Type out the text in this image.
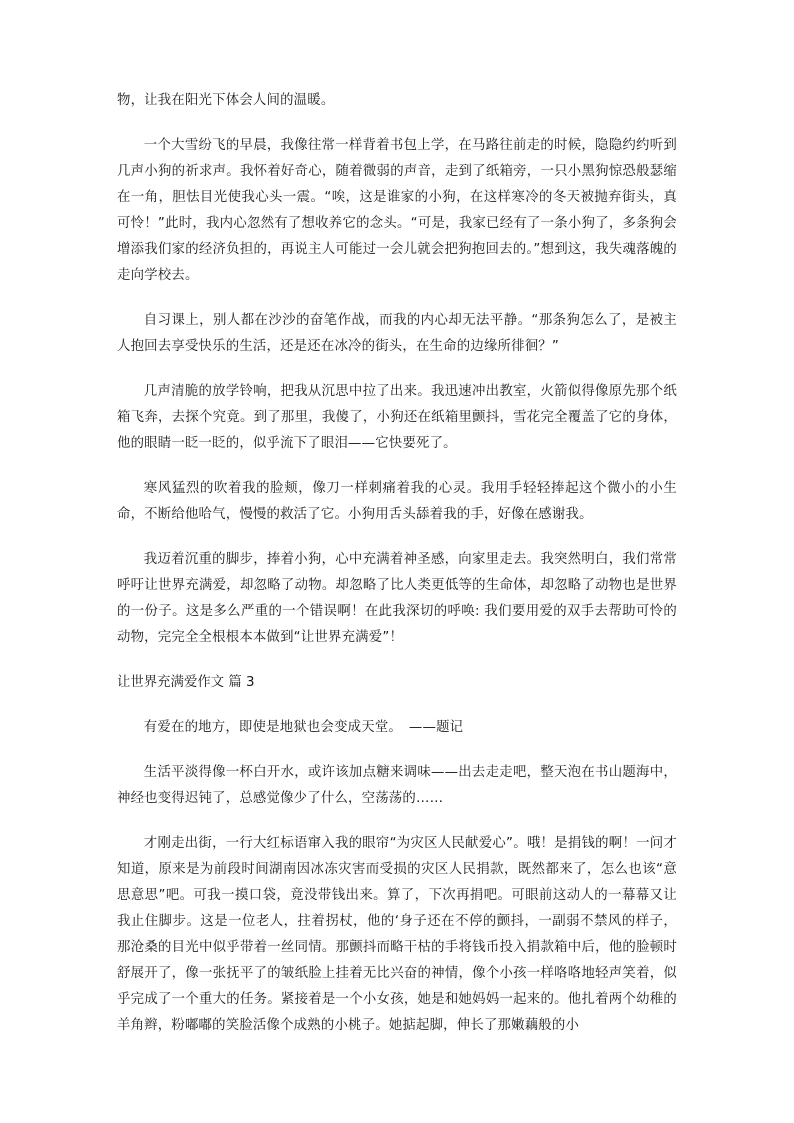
物，让我在阳光下体会人间的温暖。

一个大雪纷飞的早晨，我像往常一样背着书包上学，在马路往前走的时候，隐隐约约听到几声小狗的祈求声。我怀着好奇心，随着微弱的声音，走到了纸箱旁，一只小黑狗惊恐般瑟缩在一角，胆怯目光使我心头一震。“唉，这是谁家的小狗，在这样寒冷的冬天被抛弃街头，真可怜！”此时，我内心忽然有了想收养它的念头。“可是，我家已经有了一条小狗了，多条狗会增添我们家的经济负担的，再说主人可能过一会儿就会把狗抱回去的。”想到这，我失魂落魄的走向学校去。

自习课上，别人都在沙沙的奋笔作战，而我的内心却无法平静。“那条狗怎么了，是被主人抱回去享受快乐的生活，还是还在冰冷的街头，在生命的边缘所徘徊？”

几声清脆的放学铃响，把我从沉思中拉了出来。我迅速冲出教室，火箭似得像原先那个纸箱飞奔，去探个究竟。到了那里，我傻了，小狗还在纸箱里颤抖，雪花完全覆盖了它的身体，他的眼睛一眨一眨的，似乎流下了眼泪——它快要死了。

寒风猛烈的吹着我的脸颊，像刀一样刺痛着我的心灵。我用手轻轻捧起这个微小的小生命，不断给他哈气，慢慢的救活了它。小狗用舌头舔着我的手，好像在感谢我。

我迈着沉重的脚步，捧着小狗，心中充满着神圣感，向家里走去。我突然明白，我们常常呼吁让世界充满爱，却忽略了动物。却忽略了比人类更低等的生命体，却忽略了动物也是世界的一份子。这是多么严重的一个错误啊！在此我深切的呼唤: 我们要用爱的双手去帮助可怜的动物，完完全全根根本本做到“让世界充满爱”！

让世界充满爱作文 篇 3

有爱在的地方，即使是地狱也会变成天堂。　——题记

生活平淡得像一杯白开水，或许该加点糖来调味——出去走走吧，整天泡在书山题海中，神经也变得迟钝了，总感觉像少了什么，空荡荡的……

才刚走出街，一行大红标语窜入我的眼帘“为灾区人民献爱心”。哦！是捐钱的啊！一问才知道，原来是为前段时间湖南因冰冻灾害而受损的灾区人民捐款，既然都来了，怎么也该“意思意思”吧。可我一摸口袋，竟没带钱出来。算了，下次再捐吧。可眼前这动人的一幕幕又让我止住脚步。这是一位老人，拄着拐杖，他的‘身子还在不停的颤抖，一副弱不禁风的样子，那沧桑的目光中似乎带着一丝同情。那颤抖而略干枯的手将钱币投入捐款箱中后，他的脸顿时舒展开了，像一张抚平了的皱纸脸上挂着无比兴奋的神情，像个小孩一样咯咯地轻声笑着，似乎完成了一个重大的任务。紧接着是一个小女孩，她是和她妈妈一起来的。他扎着两个幼稚的羊角辫，粉嘟嘟的笑脸活像个成熟的小桃子。她掂起脚，伸长了那嫩藕般的小
